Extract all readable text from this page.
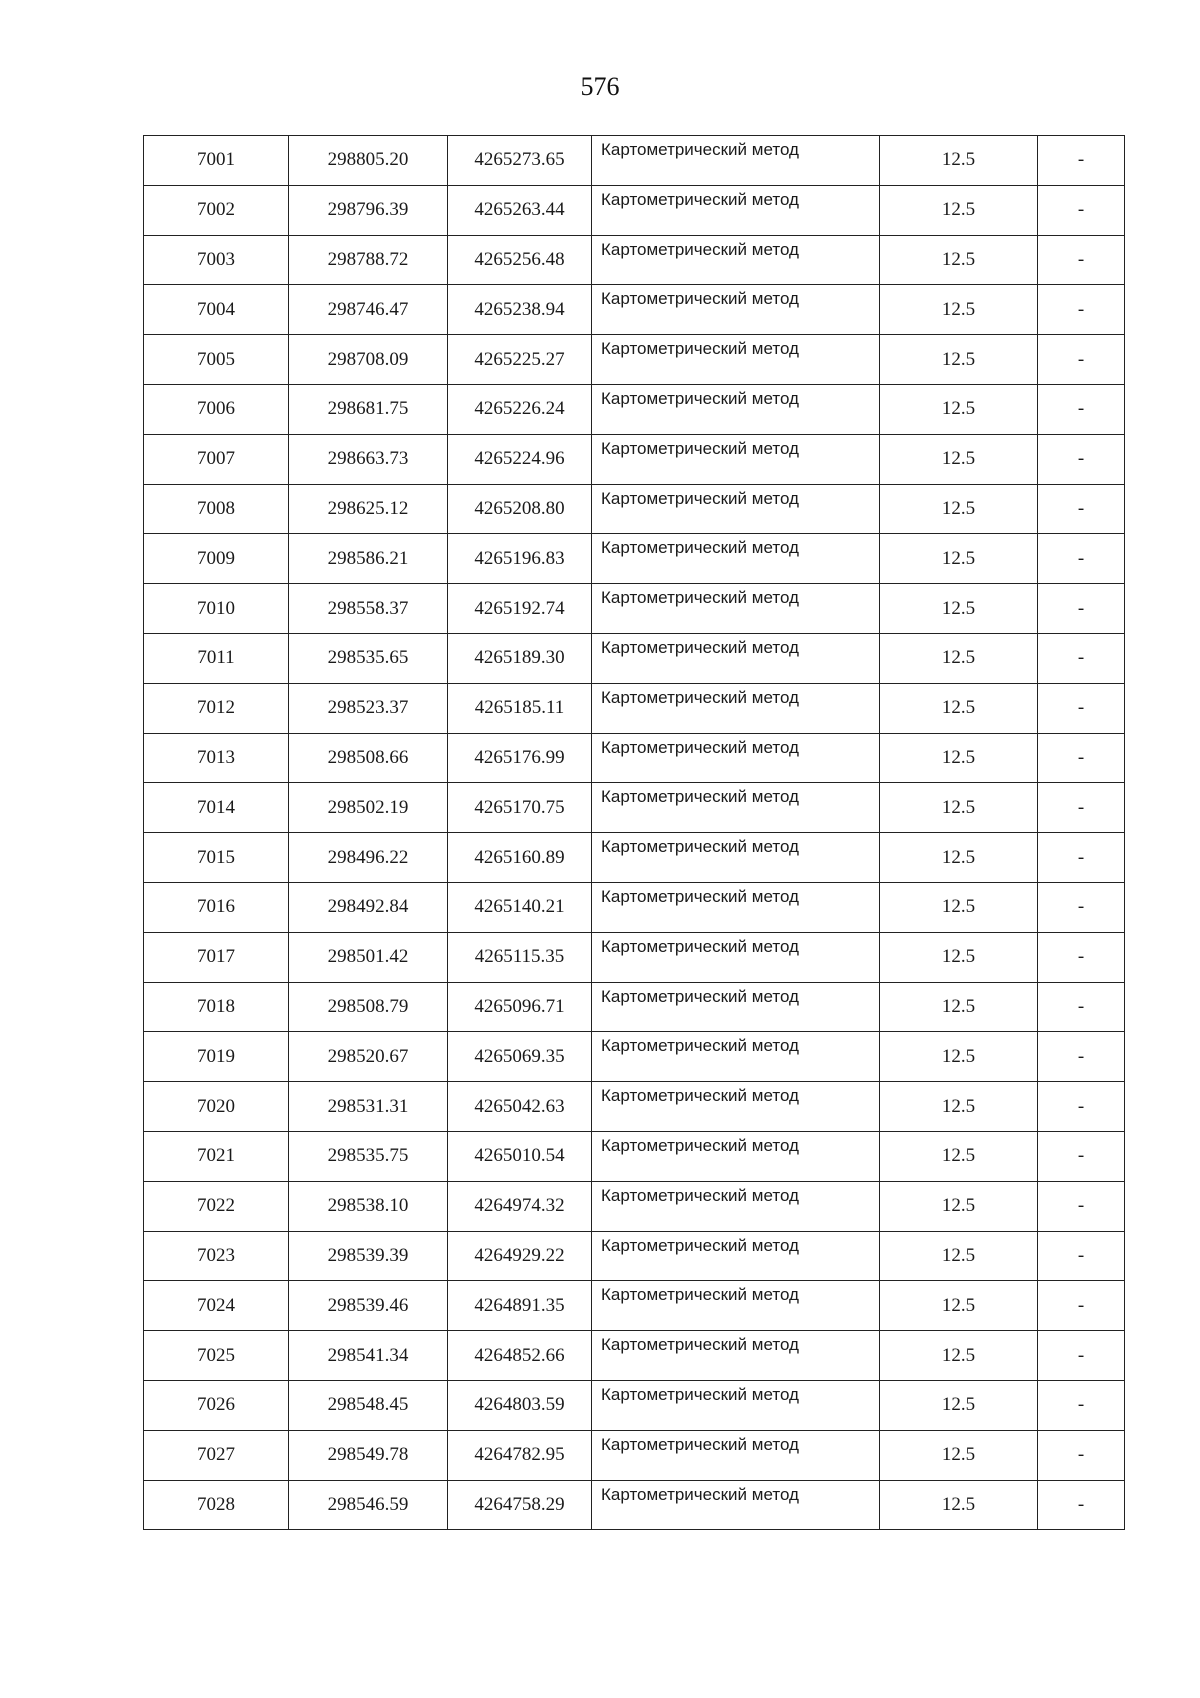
576
7001	298805.20	4265273.65	Картометрический метод	12.5	-
7002	298796.39	4265263.44	Картометрический метод	12.5	-
7003	298788.72	4265256.48	Картометрический метод	12.5	-
7004	298746.47	4265238.94	Картометрический метод	12.5	-
7005	298708.09	4265225.27	Картометрический метод	12.5	-
7006	298681.75	4265226.24	Картометрический метод	12.5	-
7007	298663.73	4265224.96	Картометрический метод	12.5	-
7008	298625.12	4265208.80	Картометрический метод	12.5	-
7009	298586.21	4265196.83	Картометрический метод	12.5	-
7010	298558.37	4265192.74	Картометрический метод	12.5	-
7011	298535.65	4265189.30	Картометрический метод	12.5	-
7012	298523.37	4265185.11	Картометрический метод	12.5	-
7013	298508.66	4265176.99	Картометрический метод	12.5	-
7014	298502.19	4265170.75	Картометрический метод	12.5	-
7015	298496.22	4265160.89	Картометрический метод	12.5	-
7016	298492.84	4265140.21	Картометрический метод	12.5	-
7017	298501.42	4265115.35	Картометрический метод	12.5	-
7018	298508.79	4265096.71	Картометрический метод	12.5	-
7019	298520.67	4265069.35	Картометрический метод	12.5	-
7020	298531.31	4265042.63	Картометрический метод	12.5	-
7021	298535.75	4265010.54	Картометрический метод	12.5	-
7022	298538.10	4264974.32	Картометрический метод	12.5	-
7023	298539.39	4264929.22	Картометрический метод	12.5	-
7024	298539.46	4264891.35	Картометрический метод	12.5	-
7025	298541.34	4264852.66	Картометрический метод	12.5	-
7026	298548.45	4264803.59	Картометрический метод	12.5	-
7027	298549.78	4264782.95	Картометрический метод	12.5	-
7028	298546.59	4264758.29	Картометрический метод	12.5	-
